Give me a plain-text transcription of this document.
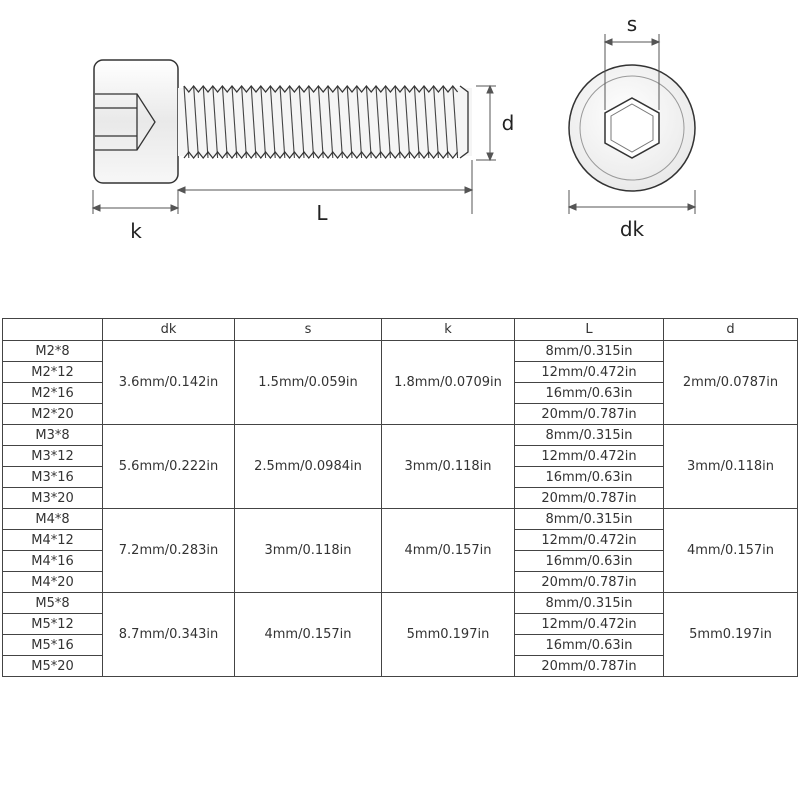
k
L
d
s
dk
	dk	s	k	L	d
M2*8	3.6mm/0.142in	1.5mm/0.059in	1.8mm/0.0709in	8mm/0.315in	2mm/0.0787in
M2*12				12mm/0.472in	
M2*16				16mm/0.63in	
M2*20				20mm/0.787in	
M3*8	5.6mm/0.222in	2.5mm/0.0984in	3mm/0.118in	8mm/0.315in	3mm/0.118in
M3*12				12mm/0.472in	
M3*16				16mm/0.63in	
M3*20				20mm/0.787in	
M4*8	7.2mm/0.283in	3mm/0.118in	4mm/0.157in	8mm/0.315in	4mm/0.157in
M4*12				12mm/0.472in	
M4*16				16mm/0.63in	
M4*20				20mm/0.787in	
M5*8	8.7mm/0.343in	4mm/0.157in	5mm0.197in	8mm/0.315in	5mm0.197in
M5*12				12mm/0.472in	
M5*16				16mm/0.63in	
M5*20				20mm/0.787in	
